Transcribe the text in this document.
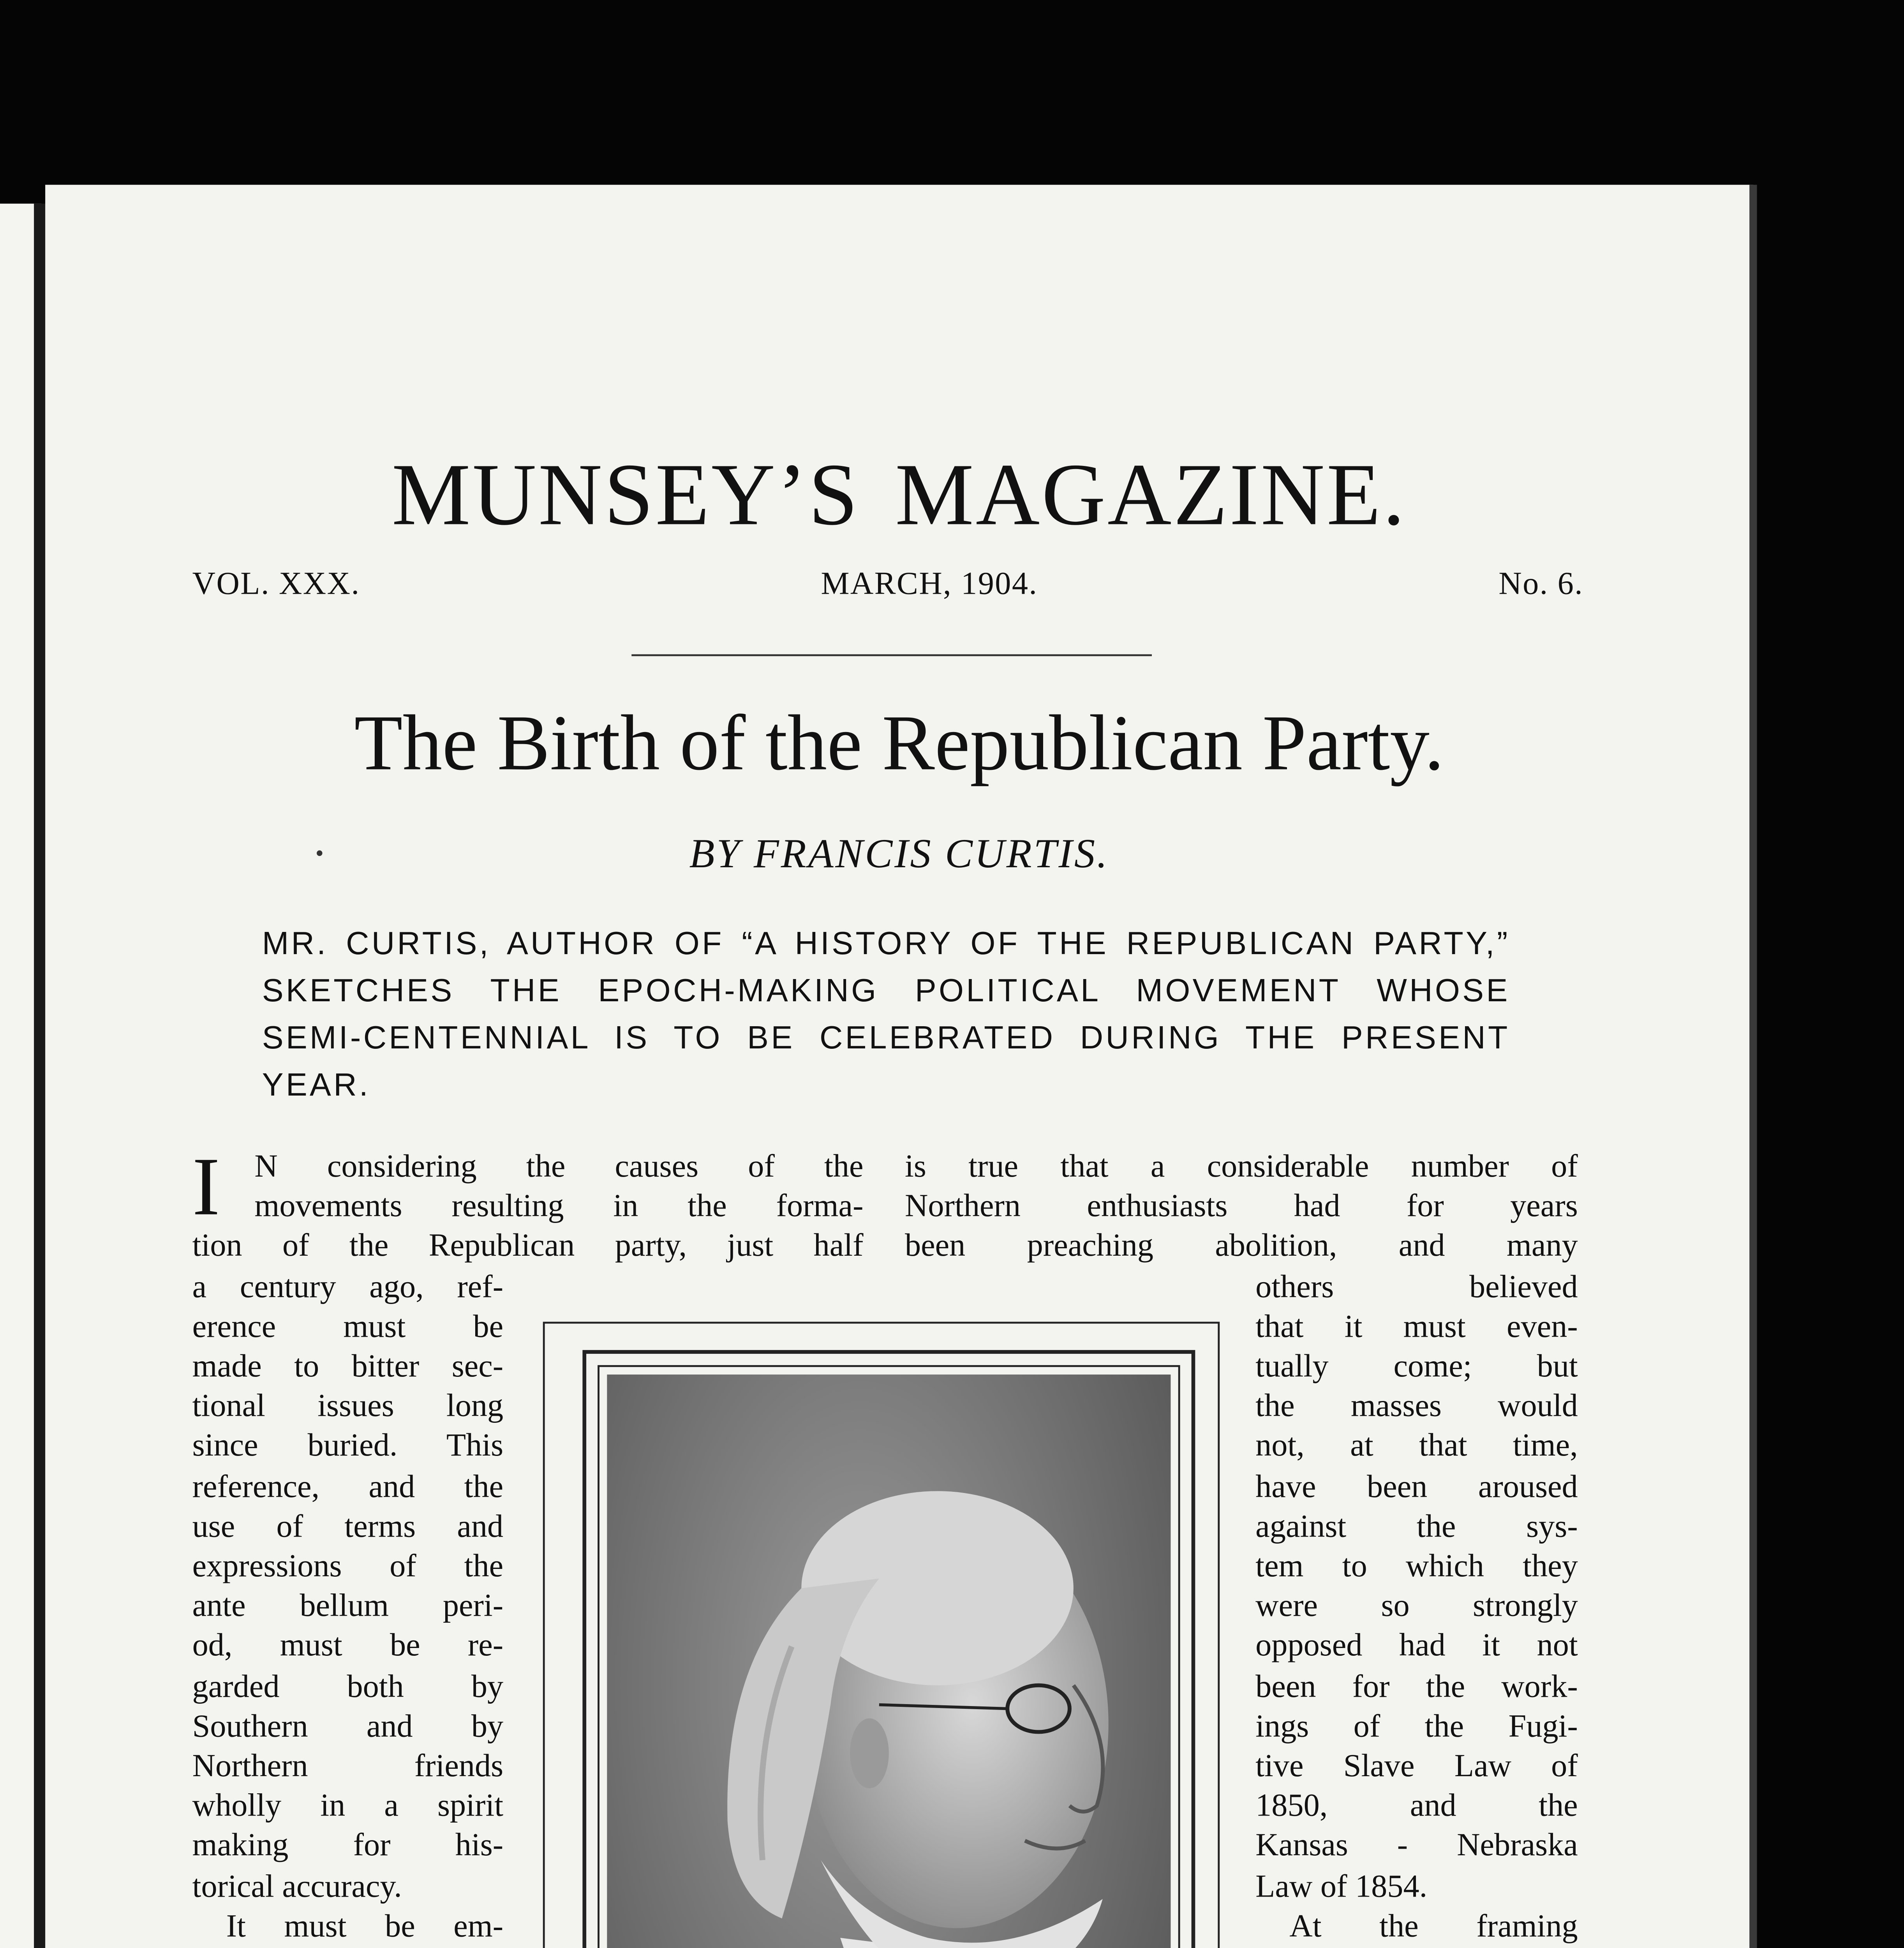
MUNSEY’S MAGAZINE.
VOL. XXX.	MARCH, 1904.	No. 6.
The Birth of the Republican Party.
BY FRANCIS CURTIS.
MR. CURTIS, AUTHOR OF “A HISTORY OF THE REPUBLICAN PARTY,” SKETCHES THE EPOCH-MAKING POLITICAL MOVEMENT WHOSE SEMI-CENTENNIAL IS TO BE CELEBRATED DURING THE PRESENT YEAR.
I	N considering the causes of the
movements resulting in the forma-
tion of the Republican party, just half
a century ago, ref-
erence must be
made to bitter sec-
tional issues long
since buried. This
reference, and the
use of terms and
expressions of the
ante bellum peri-
od, must be re-
garded both by
Southern and by
Northern friends
wholly in a spirit
making for his-
torical accuracy.
It must be em-
is true that a considerable number of
Northern enthusiasts had for years
been preaching abolition, and many
others believed
that it must even-
tually come; but
the masses would
not, at that time,
have been aroused
against the sys-
tem to which they
were so strongly
opposed had it not
been for the work-
ings of the Fugi-
tive Slave Law of
1850, and the
Kansas - Nebraska
Law of 1854.
At the framing
